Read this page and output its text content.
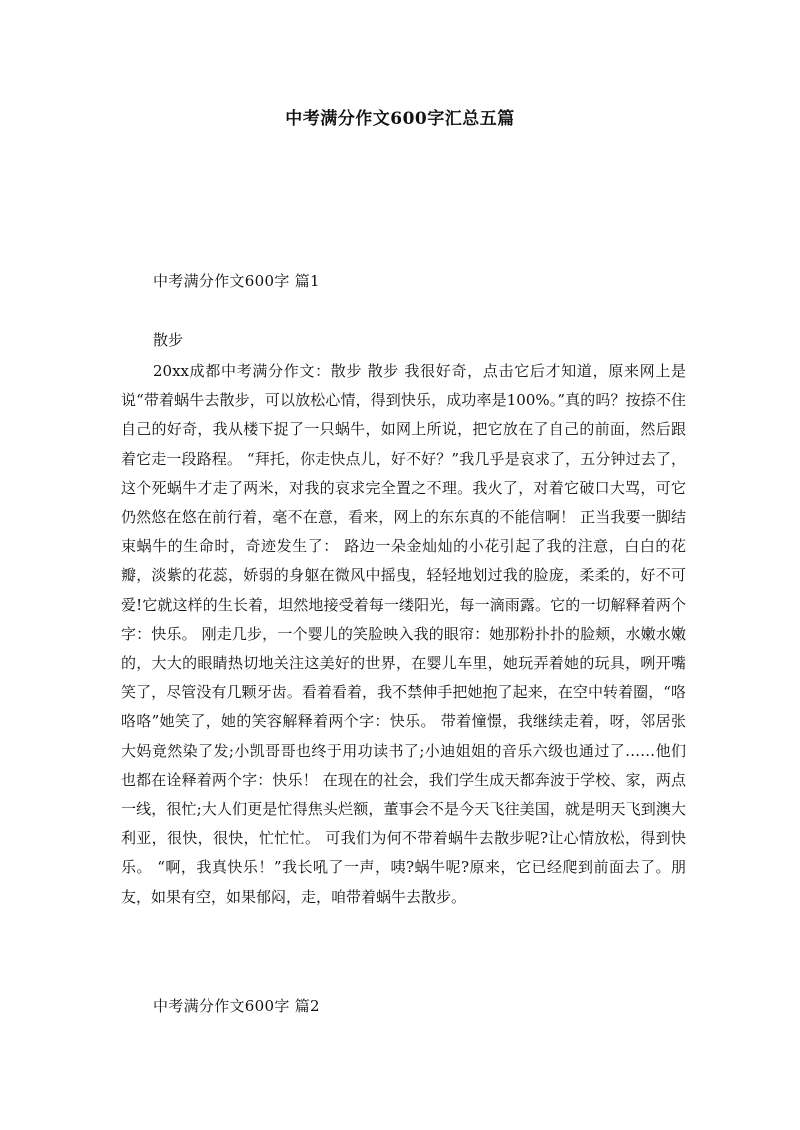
中考满分作文600字汇总五篇
中考满分作文600字 篇1
散步

20xx成都中考满分作文：散步 散步 我很好奇，点击它后才知道，原来网上是说“带着蜗牛去散步，可以放松心情，得到快乐，成功率是100%。”真的吗？按捺不住自己的好奇，我从楼下捉了一只蜗牛，如网上所说，把它放在了自己的前面，然后跟着它走一段路程。 “拜托，你走快点儿，好不好？”我几乎是哀求了，五分钟过去了，这个死蜗牛才走了两米，对我的哀求完全置之不理。我火了，对着它破口大骂，可它仍然悠在悠在前行着，毫不在意，看来，网上的东东真的不能信啊！ 正当我要一脚结束蜗牛的生命时，奇迹发生了： 路边一朵金灿灿的小花引起了我的注意，白白的花瓣，淡紫的花蕊，娇弱的身躯在微风中摇曳，轻轻地划过我的脸庞，柔柔的，好不可爱!它就这样的生长着，坦然地接受着每一缕阳光，每一滴雨露。它的一切解释着两个字：快乐。 刚走几步，一个婴儿的笑脸映入我的眼帘：她那粉扑扑的脸颊，水嫩水嫩的，大大的眼睛热切地关注这美好的世界，在婴儿车里，她玩弄着她的玩具，咧开嘴笑了，尽管没有几颗牙齿。看着看着，我不禁伸手把她抱了起来，在空中转着圈，“咯咯咯”她笑了，她的笑容解释着两个字：快乐。 带着憧憬，我继续走着，呀，邻居张大妈竟然染了发;小凯哥哥也终于用功读书了;小迪姐姐的音乐六级也通过了……他们也都在诠释着两个字：快乐！ 在现在的社会，我们学生成天都奔波于学校、家，两点一线，很忙;大人们更是忙得焦头烂额，董事会不是今天飞往美国，就是明天飞到澳大利亚，很快，很快，忙忙忙。 可我们为何不带着蜗牛去散步呢?让心情放松，得到快乐。 “啊，我真快乐！”我长吼了一声，咦?蜗牛呢?原来，它已经爬到前面去了。朋友，如果有空，如果郁闷，走，咱带着蜗牛去散步。

中考满分作文600字 篇2
